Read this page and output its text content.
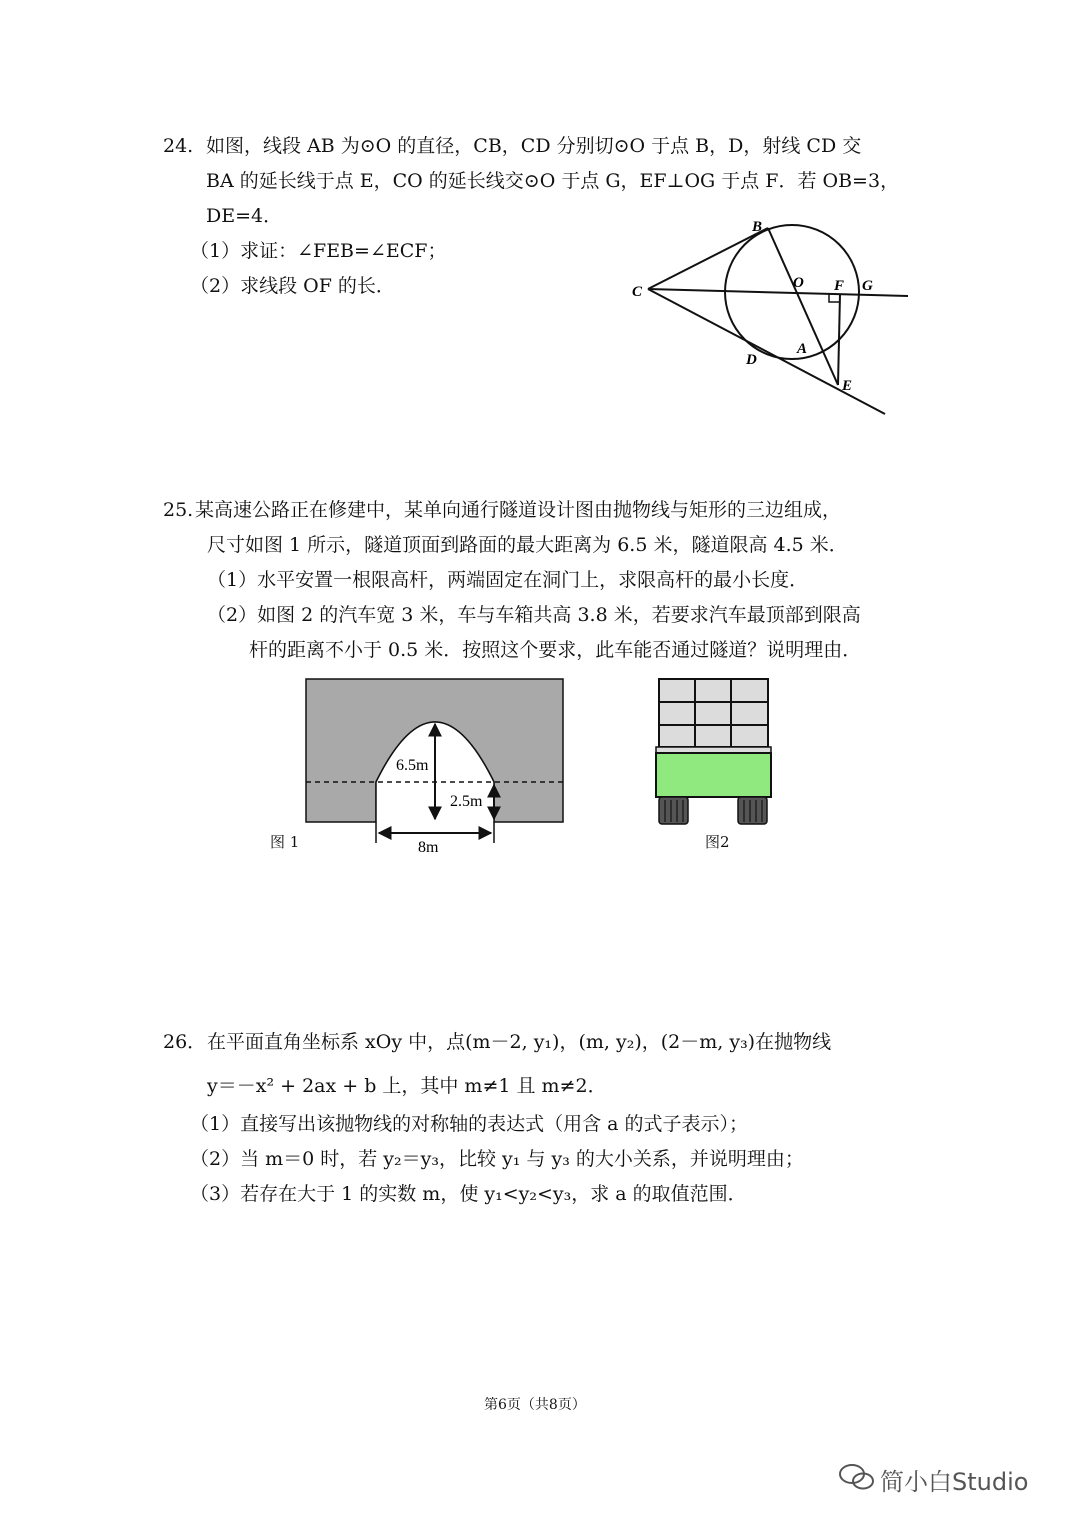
24. 如图，线段 AB 为⊙O 的直径，CB，CD 分别切⊙O 于点 B，D，射线 CD 交
BA 的延长线于点 E，CO 的延长线交⊙O 于点 G，EF⊥OG 于点 F．若 OB=3，
DE=4．
（1）求证：∠FEB=∠ECF；
（2）求线段 OF 的长．
B
C
O F G
D
A
E
25. 某高速公路正在修建中，某单向通行隧道设计图由抛物线与矩形的三边组成，
尺寸如图 1 所示，隧道顶面到路面的最大距离为 6.5 米，隧道限高 4.5 米．
（1）水平安置一根限高杆，两端固定在洞门上，求限高杆的最小长度．
（2）如图 2 的汽车宽 3 米，车与车箱共高 3.8 米，若要求汽车最顶部到限高
杆的距离不小于 0.5 米．按照这个要求，此车能否通过隧道？说明理由．
6.5m
2.5m
8m
图 1	图2
26． 在平面直角坐标系 xOy 中，点(m－2, y₁)，(m, y₂)，(2－m, y₃)在抛物线
y＝－x² + 2ax + b 上，其中 m≠1 且 m≠2．
（1）直接写出该抛物线的对称轴的表达式（用含 a 的式子表示）；
（2）当 m＝0 时，若 y₂＝y₃，比较 y₁ 与 y₃ 的大小关系，并说明理由；
（3）若存在大于 1 的实数 m，使 y₁<y₂<y₃，求 a 的取值范围．
第6页（共8页）
简小白Studio
